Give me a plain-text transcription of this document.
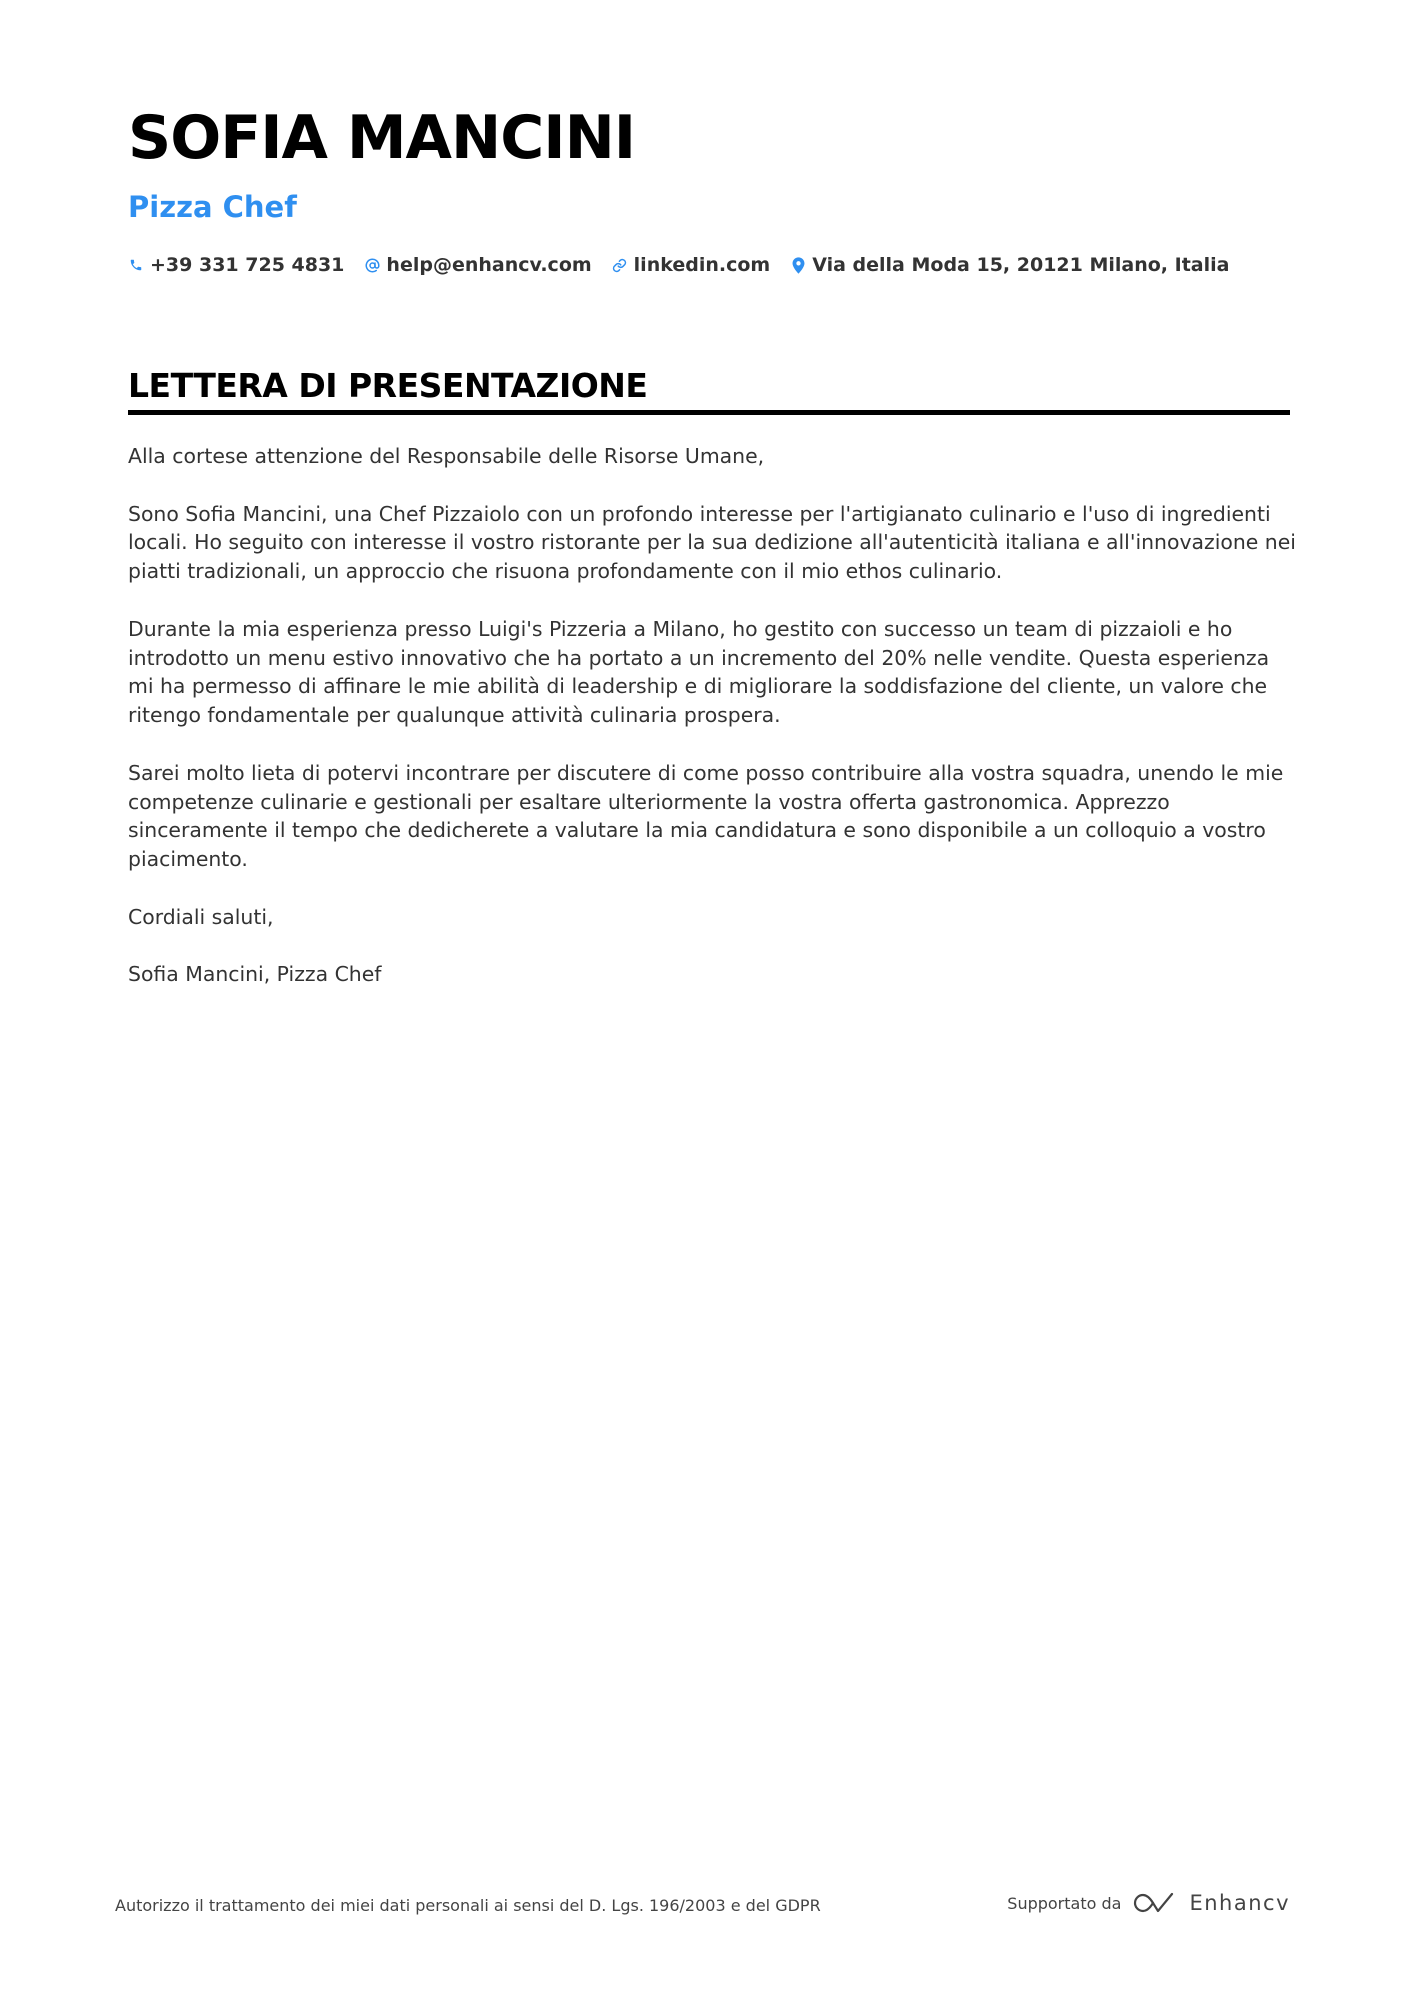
SOFIA MANCINI
Pizza Chef
+39 331 725 4831 help@enhancv.com linkedin.com Via della Moda 15, 20121 Milano, Italia
LETTERA DI PRESENTAZIONE

Alla cortese attenzione del Responsabile delle Risorse Umane,

Sono Sofia Mancini, una Chef Pizzaiolo con un profondo interesse per l'artigianato culinario e l'uso di ingredienti locali. Ho seguito con interesse il vostro ristorante per la sua dedizione all'autenticità italiana e all'innovazione nei piatti tradizionali, un approccio che risuona profondamente con il mio ethos culinario.

Durante la mia esperienza presso Luigi's Pizzeria a Milano, ho gestito con successo un team di pizzaioli e ho introdotto un menu estivo innovativo che ha portato a un incremento del 20% nelle vendite. Questa esperienza mi ha permesso di affinare le mie abilità di leadership e di migliorare la soddisfazione del cliente, un valore che ritengo fondamentale per qualunque attività culinaria prospera.

Sarei molto lieta di potervi incontrare per discutere di come posso contribuire alla vostra squadra, unendo le mie competenze culinarie e gestionali per esaltare ulteriormente la vostra offerta gastronomica. Apprezzo sinceramente il tempo che dedicherete a valutare la mia candidatura e sono disponibile a un colloquio a vostro piacimento.

Cordiali saluti,

Sofia Mancini, Pizza Chef

Autorizzo il trattamento dei miei dati personali ai sensi del D. Lgs. 196/2003 e del GDPR	Supportato da	Enhancv
